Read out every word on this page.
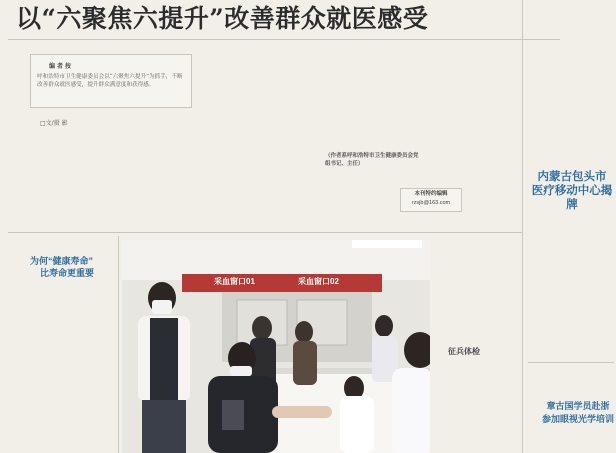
以“六聚焦六提升”改善群众就医感受
编者按
呼和浩特市卫生健康委员会以“六聚焦六提升”为抓手，不断改善群众就医感受，提升群众满意度和获得感。
□文/摄 影
（作者系呼和浩特市卫生健康委员会党组书记、主任）
本刊特约编辑
rzsjb@163.com
内蒙古包头市
医疗移动中心揭牌
章古国学员赴浙
参加眼视光学培训
为何“健康寿命”
比寿命更重要
采血窗口01	采血窗口02
征兵体检
